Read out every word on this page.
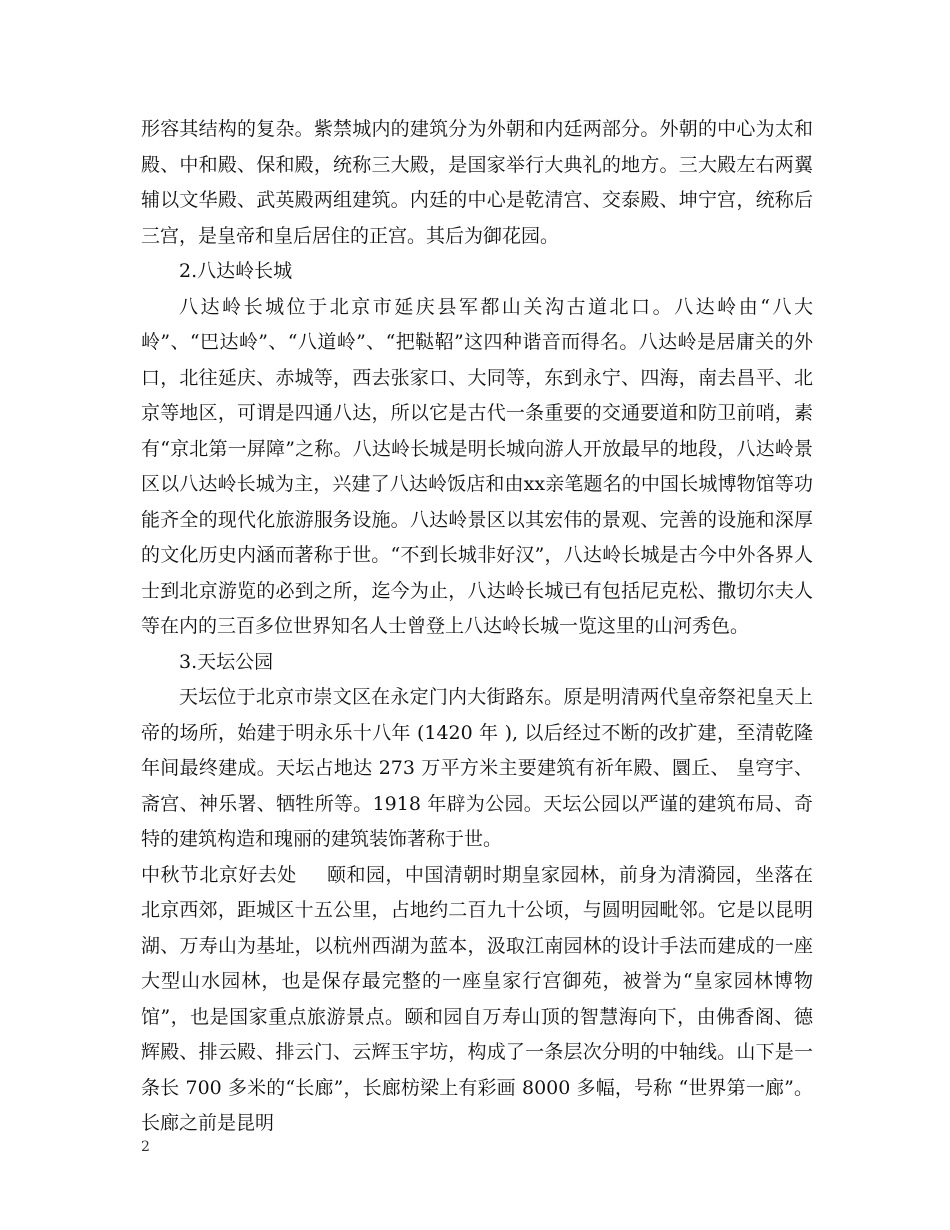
形容其结构的复杂。紫禁城内的建筑分为外朝和内廷两部分。外朝的中心为太和殿、中和殿、保和殿，统称三大殿，是国家举行大典礼的地方。三大殿左右两翼辅以文华殿、武英殿两组建筑。内廷的中心是乾清宫、交泰殿、坤宁宫，统称后三宫，是皇帝和皇后居住的正宫。其后为御花园。

2.八达岭长城

八达岭长城位于北京市延庆县军都山关沟古道北口。八达岭由“八大岭”、“巴达岭”、“八道岭”、“把鞑鞀”这四种谐音而得名。八达岭是居庸关的外口，北往延庆、赤城等，西去张家口、大同等，东到永宁、四海，南去昌平、北京等地区，可谓是四通八达，所以它是古代一条重要的交通要道和防卫前哨，素有“京北第一屏障”之称。八达岭长城是明长城向游人开放最早的地段，八达岭景区以八达岭长城为主，兴建了八达岭饭店和由xx亲笔题名的中国长城博物馆等功能齐全的现代化旅游服务设施。八达岭景区以其宏伟的景观、完善的设施和深厚的文化历史内涵而著称于世。“不到长城非好汉”，八达岭长城是古今中外各界人士到北京游览的必到之所，迄今为止，八达岭长城已有包括尼克松、撒切尔夫人等在内的三百多位世界知名人士曾登上八达岭长城一览这里的山河秀色。

3.天坛公园

天坛位于北京市崇文区在永定门内大街路东。原是明清两代皇帝祭祀皇天上帝的场所，始建于明永乐十八年 (1420 年 ), 以后经过不断的改扩建，至清乾隆年间最终建成。天坛占地达 273 万平方米主要建筑有祈年殿、圜丘、 皇穹宇、斋宫、神乐署、牺牲所等。1918 年辟为公园。天坛公园以严谨的建筑布局、奇特的建筑构造和瑰丽的建筑装饰著称于世。

中秋节北京好去处 颐和园，中国清朝时期皇家园林，前身为清漪园，坐落在北京西郊，距城区十五公里，占地约二百九十公顷，与圆明园毗邻。它是以昆明湖、万寿山为基址，以杭州西湖为蓝本，汲取江南园林的设计手法而建成的一座大型山水园林，也是保存最完整的一座皇家行宫御苑，被誉为“皇家园林博物馆”，也是国家重点旅游景点。颐和园自万寿山顶的智慧海向下，由佛香阁、德辉殿、排云殿、排云门、云辉玉宇坊，构成了一条层次分明的中轴线。山下是一条长 700 多米的“长廊”，长廊枋梁上有彩画 8000 多幅，号称 “世界第一廊”。长廊之前是昆明

2
